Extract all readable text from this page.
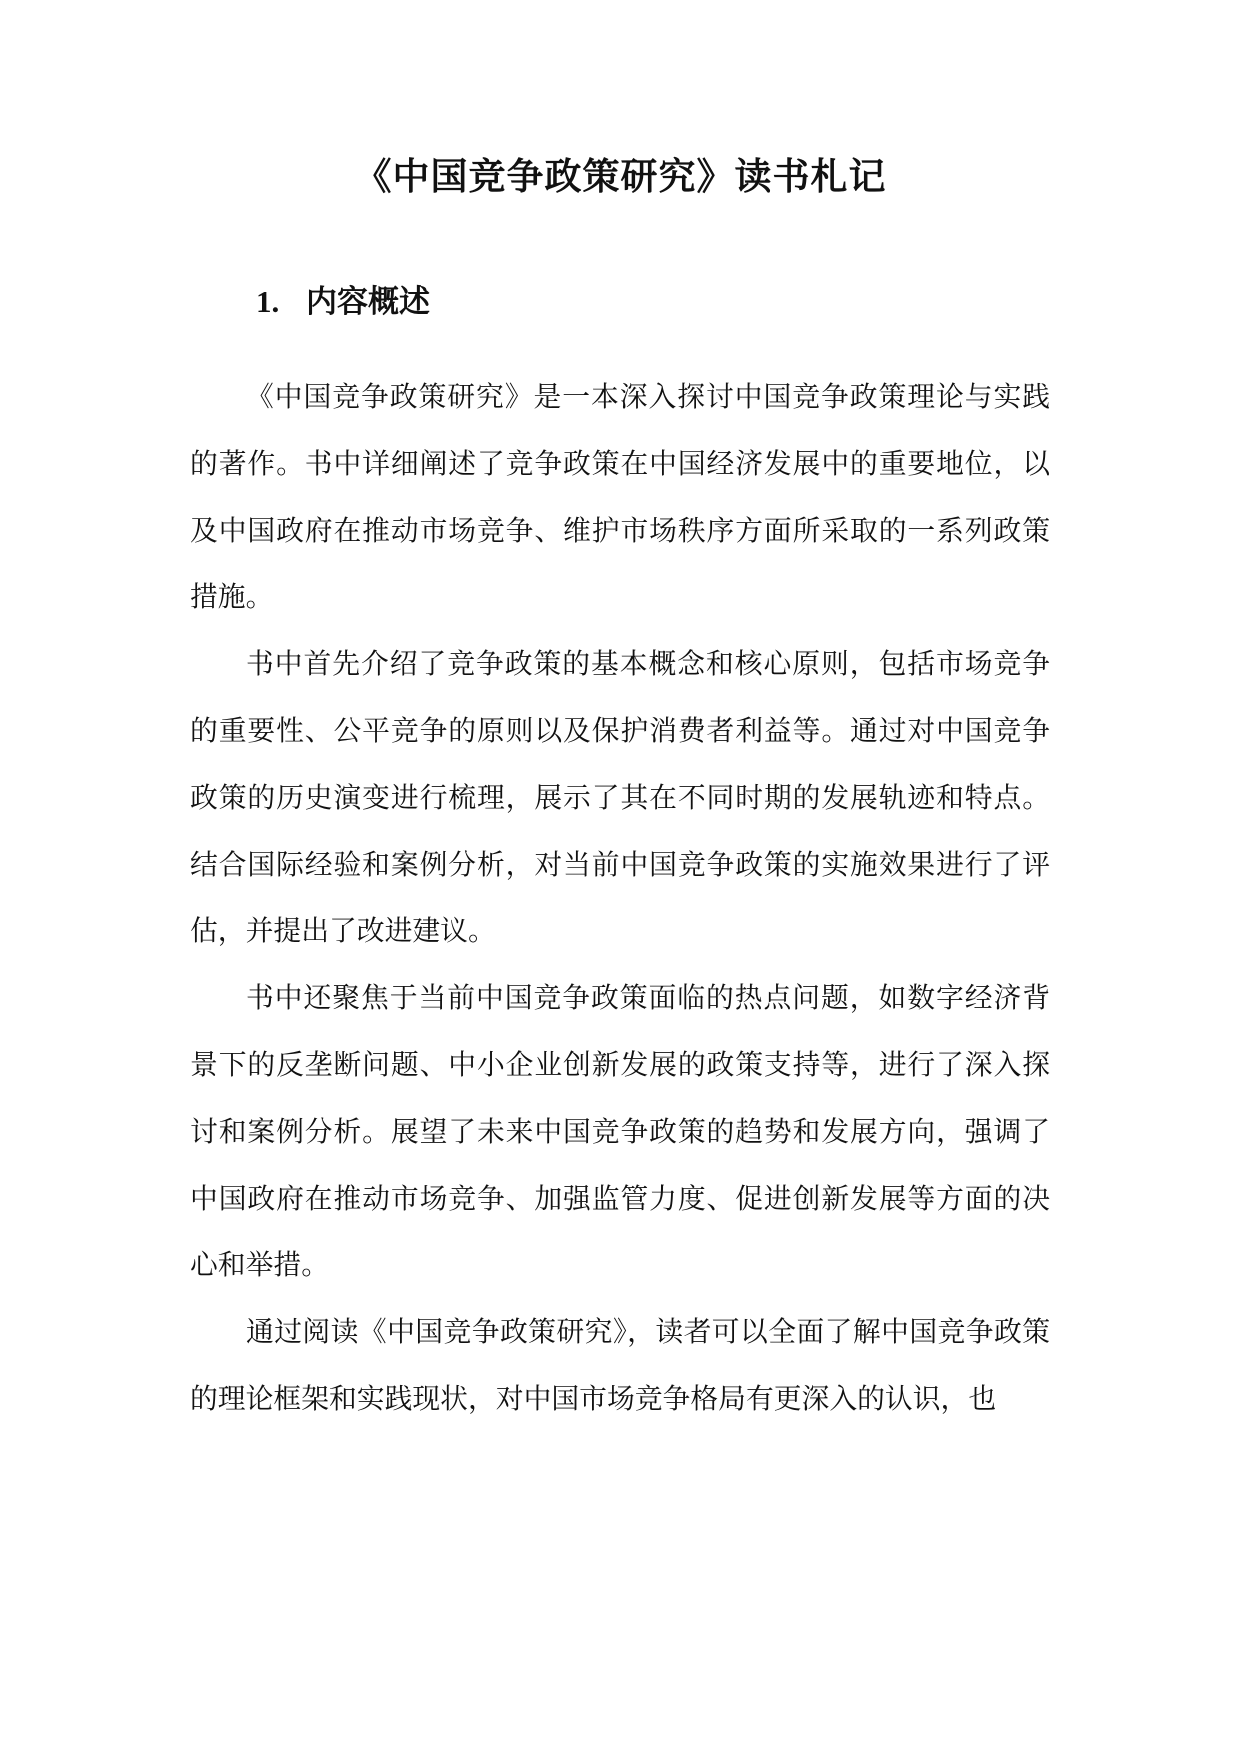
《中国竞争政策研究》读书札记
1. 内容概述

《中国竞争政策研究》是一本深入探讨中国竞争政策理论与实践的著作。书中详细阐述了竞争政策在中国经济发展中的重要地位，以及中国政府在推动市场竞争、维护市场秩序方面所采取的一系列政策措施。

书中首先介绍了竞争政策的基本概念和核心原则，包括市场竞争的重要性、公平竞争的原则以及保护消费者利益等。通过对中国竞争政策的历史演变进行梳理，展示了其在不同时期的发展轨迹和特点。结合国际经验和案例分析，对当前中国竞争政策的实施效果进行了评估，并提出了改进建议。

书中还聚焦于当前中国竞争政策面临的热点问题，如数字经济背景下的反垄断问题、中小企业创新发展的政策支持等，进行了深入探讨和案例分析。展望了未来中国竞争政策的趋势和发展方向，强调了中国政府在推动市场竞争、加强监管力度、促进创新发展等方面的决心和举措。

通过阅读《中国竞争政策研究》，读者可以全面了解中国竞争政策的理论框架和实践现状，对中国市场竞争格局有更深入的认识，也
